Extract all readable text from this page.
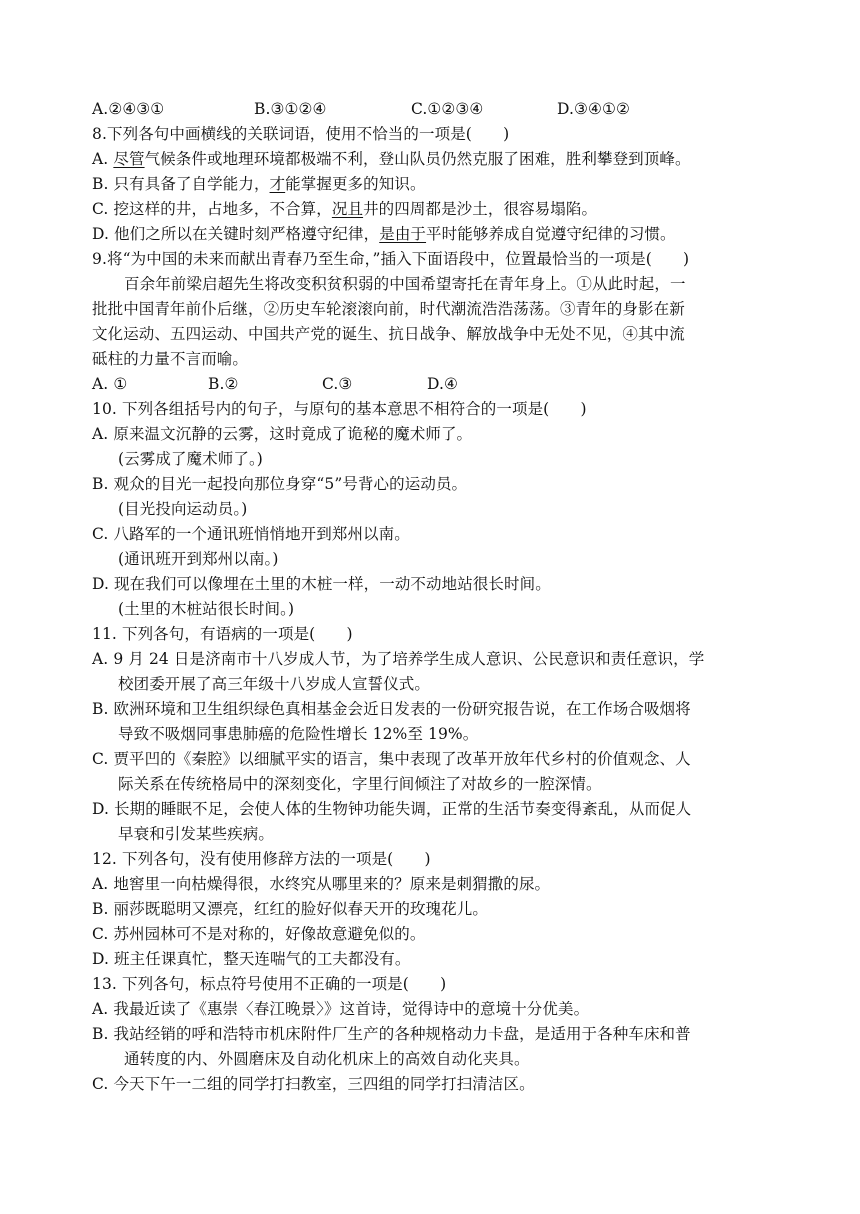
A.②④③①	B.③①②④	C.①②③④	D.③④①②
8.下列各句中画横线的关联词语，使用不恰当的一项是(　　)
A. 尽管气候条件或地理环境都极端不利，登山队员仍然克服了困难，胜利攀登到顶峰。
B. 只有具备了自学能力，才能掌握更多的知识。
C. 挖这样的井，占地多，不合算，况且井的四周都是沙土，很容易塌陷。
D. 他们之所以在关键时刻严格遵守纪律，是由于平时能够养成自觉遵守纪律的习惯。
9.将“为中国的未来而献出青春乃至生命，”插入下面语段中，位置最恰当的一项是(　　)
百余年前梁启超先生将改变积贫积弱的中国希望寄托在青年身上。①从此时起，一
批批中国青年前仆后继，②历史车轮滚滚向前，时代潮流浩浩荡荡。③青年的身影在新
文化运动、五四运动、中国共产党的诞生、抗日战争、解放战争中无处不见，④其中流
砥柱的力量不言而喻。
A. ①	B.②	C.③	D.④
10. 下列各组括号内的句子，与原句的基本意思不相符合的一项是(　　)
A. 原来温文沉静的云雾，这时竟成了诡秘的魔术师了。
(云雾成了魔术师了。)
B. 观众的目光一起投向那位身穿“5”号背心的运动员。
(目光投向运动员。)
C. 八路军的一个通讯班悄悄地开到郑州以南。
(通讯班开到郑州以南。)
D. 现在我们可以像埋在土里的木桩一样，一动不动地站很长时间。
(土里的木桩站很长时间。)
11. 下列各句，有语病的一项是(　　)
A. 9 月 24 日是济南市十八岁成人节，为了培养学生成人意识、公民意识和责任意识，学
校团委开展了高三年级十八岁成人宣誓仪式。
B. 欧洲环境和卫生组织绿色真相基金会近日发表的一份研究报告说，在工作场合吸烟将
导致不吸烟同事患肺癌的危险性增长 12%至 19%。
C. 贾平凹的《秦腔》以细腻平实的语言，集中表现了改革开放年代乡村的价值观念、人
际关系在传统格局中的深刻变化，字里行间倾注了对故乡的一腔深情。
D. 长期的睡眠不足，会使人体的生物钟功能失调，正常的生活节奏变得紊乱，从而促人
早衰和引发某些疾病。
12. 下列各句，没有使用修辞方法的一项是(　　)
A. 地窖里一向枯燥得很，水终究从哪里来的？原来是刺猬撒的尿。
B. 丽莎既聪明又漂亮，红红的脸好似春天开的玫瑰花儿。
C. 苏州园林可不是对称的，好像故意避免似的。
D. 班主任课真忙，整天连喘气的工夫都没有。
13. 下列各句，标点符号使用不正确的一项是(　　)
A. 我最近读了《惠崇〈春江晚景〉》这首诗，觉得诗中的意境十分优美。
B. 我站经销的呼和浩特市机床附件厂生产的各种规格动力卡盘，是适用于各种车床和普
通转度的内、外圆磨床及自动化机床上的高效自动化夹具。
C. 今天下午一二组的同学打扫教室，三四组的同学打扫清洁区。
